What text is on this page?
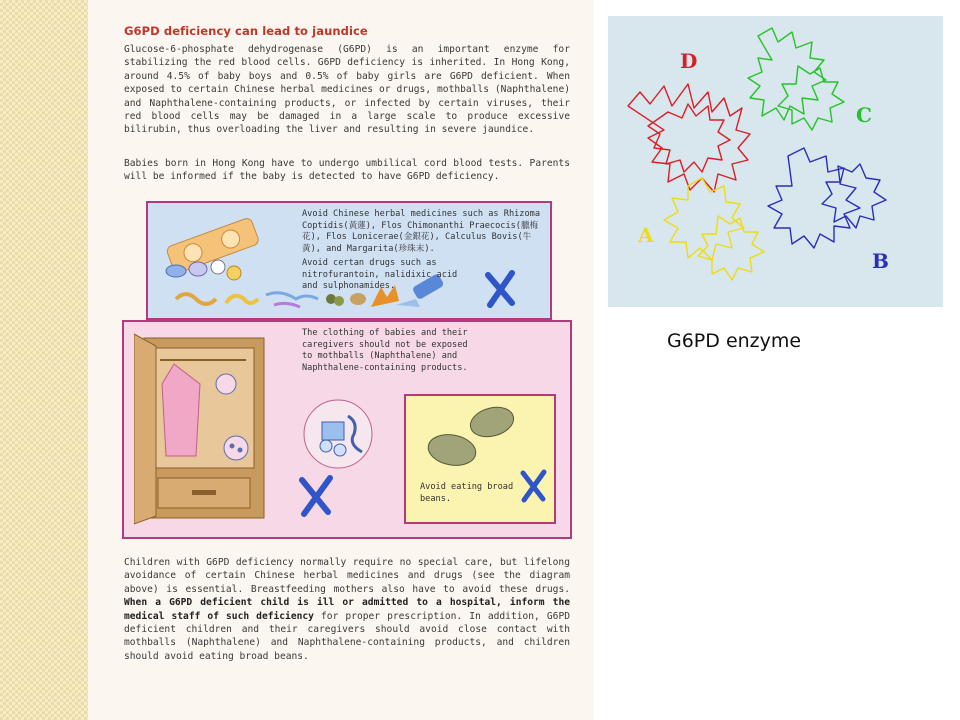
G6PD deficiency can lead to jaundice
Glucose-6-phosphate dehydrogenase (G6PD) is an important enzyme for stabilizing the red blood cells. G6PD deficiency is inherited. In Hong Kong, around 4.5% of baby boys and 0.5% of baby girls are G6PD deficient. When exposed to certain Chinese herbal medicines or drugs, mothballs (Naphthalene) and Naphthalene-containing products, or infected by certain viruses, their red blood cells may be damaged in a large scale to produce excessive bilirubin, thus overloading the liver and resulting in severe jaundice.
Babies born in Hong Kong have to undergo umbilical cord blood tests. Parents will be informed if the baby is detected to have G6PD deficiency.
Avoid Chinese herbal medicines such as Rhizoma Coptidis(黃蓮), Flos Chimonanthi Praecocis(臘梅花), Flos Lonicerae(金銀花), Calculus Bovis(牛黃), and Margarita(珍珠末).
Avoid certan drugs such as nitrofurantoin, nalidixic acid and sulphonamides.
The clothing of babies and their caregivers should not be exposed to mothballs (Naphthalene) and Naphthalene-containing products.
Avoid eating broad beans.
Children with G6PD deficiency normally require no special care, but lifelong avoidance of certain Chinese herbal medicines and drugs (see the diagram above) is essential. Breastfeeding mothers also have to avoid these drugs. When a G6PD deficient child is ill or admitted to a hospital, inform the medical staff of such deficiency for proper prescription. In addition, G6PD deficient children and their caregivers should avoid close contact with mothballs (Naphthalene) and Naphthalene-containing products, and children should avoid eating broad beans.
D
C
A
B
G6PD enzyme
